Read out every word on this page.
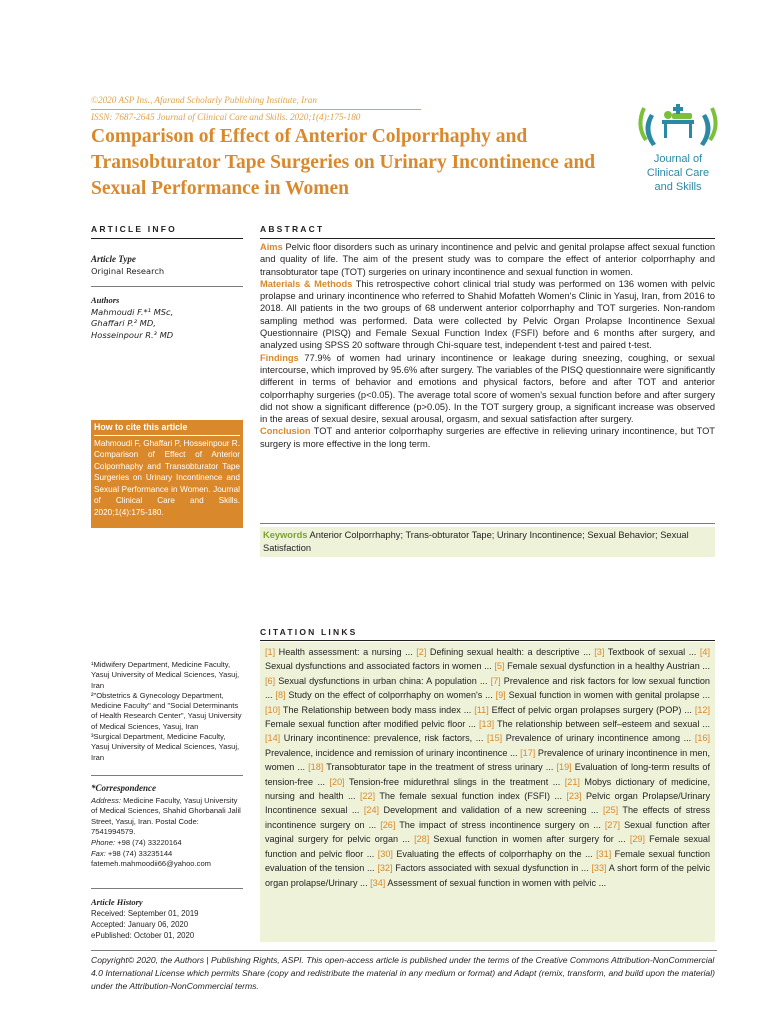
©2020 ASP Ins., Afarand Scholarly Publishing Institute, Iran
ISSN: 7687-2645 Journal of Clinical Care and Skills. 2020;1(4):175-180
Comparison of Effect of Anterior Colporrhaphy and Transobturator Tape Surgeries on Urinary Incontinence and Sexual Performance in Women
Journal of
Clinical Care
and Skills
ARTICLE INFO	ABSTRACT
Article Type
Original Research
Authors
Mahmoudi F.*¹ MSc,
Ghaffari P.² MD,
Hosseinpour R.³ MD
How to cite this article
Mahmoudi F, Ghaffari P, Hosseinpour R. Comparison of Effect of Anterior Colporrhaphy and Transobturator Tape Surgeries on Urinary Incontinence and Sexual Performance in Women. Journal of Clinical Care and Skills. 2020;1(4):175-180.

Aims Pelvic floor disorders such as urinary incontinence and pelvic and genital prolapse affect sexual function and quality of life. The aim of the present study was to compare the effect of anterior colporrhaphy and transobturator tape (TOT) surgeries on urinary incontinence and sexual function in women.

Materials & Methods This retrospective cohort clinical trial study was performed on 136 women with pelvic prolapse and urinary incontinence who referred to Shahid Mofatteh Women's Clinic in Yasuj, Iran, from 2016 to 2018. All patients in the two groups of 68 underwent anterior colporrhaphy and TOT surgeries. Non-random sampling method was performed. Data were collected by Pelvic Organ Prolapse Incontinence Sexual Questionnaire (PISQ) and Female Sexual Function Index (FSFI) before and 6 months after surgery, and analyzed using SPSS 20 software through Chi-square test, independent t-test and paired t-test.

Findings 77.9% of women had urinary incontinence or leakage during sneezing, coughing, or sexual intercourse, which improved by 95.6% after surgery. The variables of the PISQ questionnaire were significantly different in terms of behavior and emotions and physical factors, before and after TOT and anterior colporrhaphy surgeries (p<0.05). The average total score of women's sexual function before and after surgery did not show a significant difference (p>0.05). In the TOT surgery group, a significant increase was observed in the areas of sexual desire, sexual arousal, orgasm, and sexual satisfaction after surgery.

Conclusion TOT and anterior colporrhaphy surgeries are effective in relieving urinary incontinence, but TOT surgery is more effective in the long term.

Keywords Anterior Colporrhaphy; Trans-obturator Tape; Urinary Incontinence; Sexual Behavior; Sexual Satisfaction
CITATION LINKS
[1] Health assessment: a nursing ... [2] Defining sexual health: a descriptive ... [3] Textbook of sexual ... [4] Sexual dysfunctions and associated factors in women ... [5] Female sexual dysfunction in a healthy Austrian ... [6] Sexual dysfunctions in urban china: A population ... [7] Prevalence and risk factors for low sexual function ... [8] Study on the effect of colporrhaphy on women's ... [9] Sexual function in women with genital prolapse ... [10] The Relationship between body mass index ... [11] Effect of pelvic organ prolapses surgery (POP) ... [12] Female sexual function after modified pelvic floor ... [13] The relationship between self–esteem and sexual ... [14] Urinary incontinence: prevalence, risk factors, ... [15] Prevalence of urinary incontinence among ... [16] Prevalence, incidence and remission of urinary incontinence ... [17] Prevalence of urinary incontinence in men, women ... [18] Transobturator tape in the treatment of stress urinary ... [19] Evaluation of long-term results of tension-free ... [20] Tension-free midurethral slings in the treatment ... [21] Mobys dictionary of medicine, nursing and health ... [22] The female sexual function index (FSFI) ... [23] Pelvic organ Prolapse/Urinary Incontinence sexual ... [24] Development and validation of a new screening ... [25] The effects of stress incontinence surgery on ... [26] The impact of stress incontinence surgery on ... [27] Sexual function after vaginal surgery for pelvic organ ... [28] Sexual function in women after surgery for ... [29] Female sexual function and pelvic floor ... [30] Evaluating the effects of colporrhaphy on the ... [31] Female sexual function evaluation of the tension ... [32] Factors associated with sexual dysfunction in ... [33] A short form of the pelvic organ prolapse/Urinary ... [34] Assessment of sexual function in women with pelvic ...
¹Midwifery Department, Medicine Faculty, Yasuj University of Medical Sciences, Yasuj, Iran
²"Obstetrics & Gynecology Department, Medicine Faculty" and "Social Determinants of Health Research Center", Yasuj University of Medical Sciences, Yasuj, Iran
³Surgical Department, Medicine Faculty, Yasuj University of Medical Sciences, Yasuj, Iran
*Correspondence
Address: Medicine Faculty, Yasuj University of Medical Sciences, Shahid Ghorbanali Jalil Street, Yasuj, Iran. Postal Code: 7541994579.
Phone: +98 (74) 33220164
Fax: +98 (74) 33235144
fatemeh.mahmoodii66@yahoo.com
Article History
Received: September 01, 2019
Accepted: January 06, 2020
ePublished: October 01, 2020
Copyright© 2020, the Authors | Publishing Rights, ASPI. This open-access article is published under the terms of the Creative Commons Attribution-NonCommercial 4.0 International License which permits Share (copy and redistribute the material in any medium or format) and Adapt (remix, transform, and build upon the material) under the Attribution-NonCommercial terms.
